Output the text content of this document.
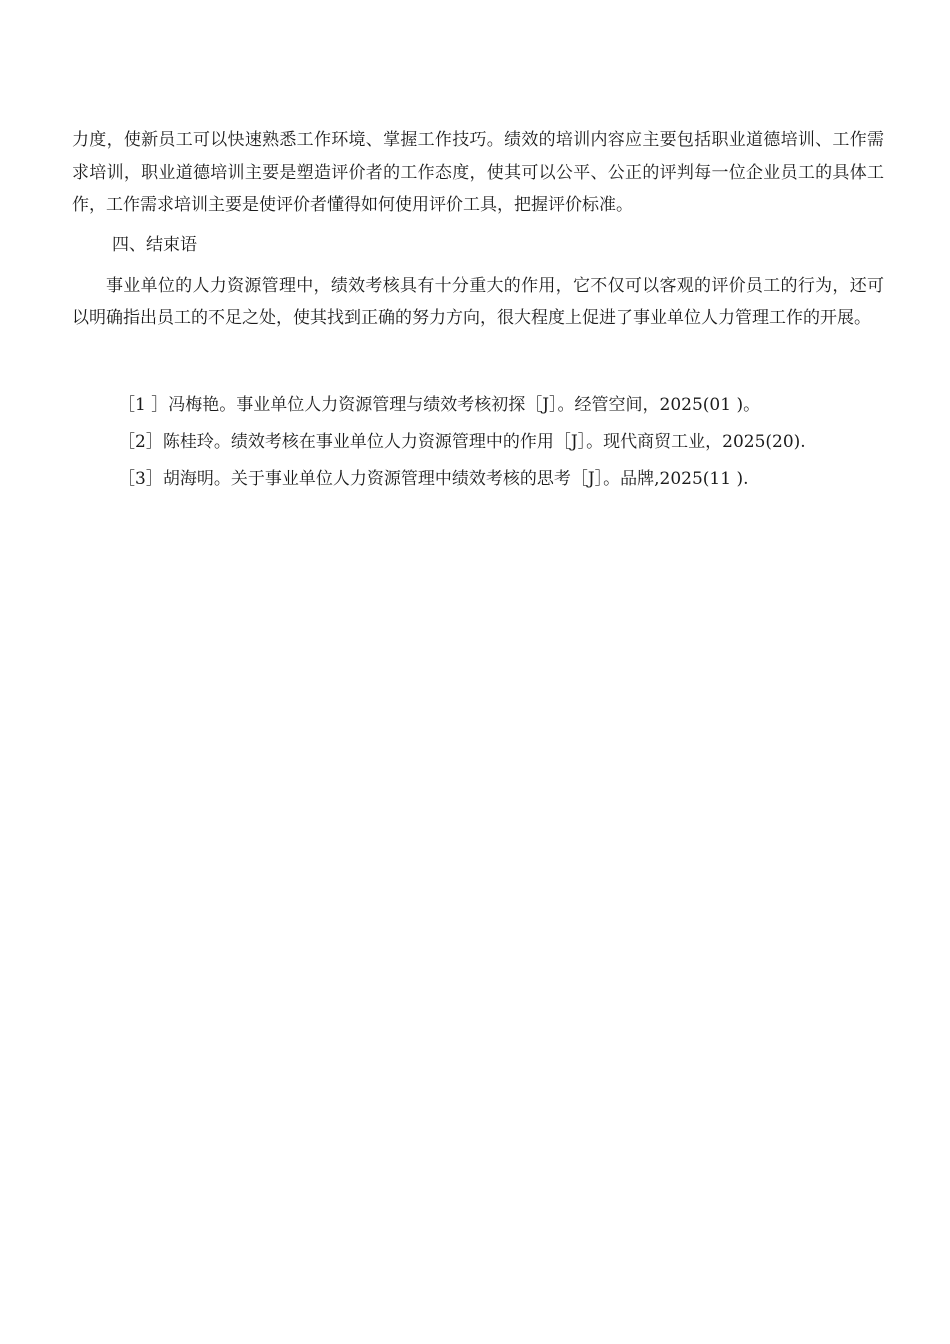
力度，使新员工可以快速熟悉工作环境、掌握工作技巧。绩效的培训内容应主要包括职业道德培训、工作需求培训，职业道德培训主要是塑造评价者的工作态度，使其可以公平、公正的评判每一位企业员工的具体工作，工作需求培训主要是使评价者懂得如何使用评价工具，把握评价标准。

四、结束语

事业单位的人力资源管理中，绩效考核具有十分重大的作用，它不仅可以客观的评价员工的行为，还可以明确指出员工的不足之处，使其找到正确的努力方向，很大程度上促进了事业单位人力管理工作的开展。

［1 ］冯梅艳。事业单位人力资源管理与绩效考核初探［J］。经管空间，2025(01 )。

［2］陈桂玲。绩效考核在事业单位人力资源管理中的作用［J］。现代商贸工业，2025(20).

［3］胡海明。关于事业单位人力资源管理中绩效考核的思考［J］。品牌,2025(11 ).
